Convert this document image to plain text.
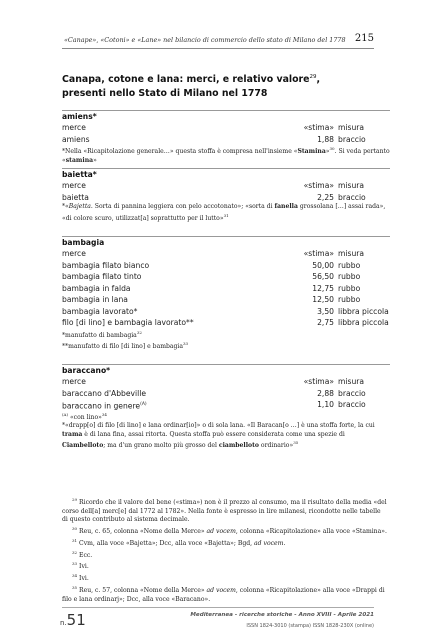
«Canape», «Cotoni» e «Lane» nel bilancio di commercio dello stato di Milano del 1778 215
Canapa, cotone e lana: merci, e relativo valore$^{29}$, presenti nello Stato di Milano nel 1778
amiens*
merce	«stima» misura
amiens	1,88 braccio
*Nella «Ricapitolazione generale…» questa stoffa è compresa nell'insieme «Stamina»$^{30}$. Si veda pertanto «stamina»
baietta*
merce	«stima» misura
baietta	2,25 braccio
*«Bajetta. Sorta di pannina leggiera con pelo accotonato»; «sorta di fanella grossolana […] assai rada», «di colore scuro, utilizzat[a] soprattutto per il lutto»$^{31}$
bambagia
merce	«stima» misura
bambagia filato bianco	50,00 rubbo
bambagia filato tinto	56,50 rubbo
bambagia in falda	12,75 rubbo
bambagia in lana	12,50 rubbo
bambagia lavorato*	3,50 libbra piccola
filo [di lino] e bambagia lavorato**	2,75 libbra piccola
*manufatto di bambagia$^{32}$
**manufatto di filo [di lino] e bambagia$^{33}$
baraccano*
merce	«stima» misura
baraccano d'Abbeville	2,88 braccio
baraccano in genere$^{(A)}$	1,10 braccio
$^{(A)}$ «con lino»$^{34}$
*«drapp[o] di filo [di lino] e lana ordinar[io]» o di sola lana. «Il Baracan[o …] è una stoffa forte, la cui trama è di lana fina, assai ritorta. Questa stoffa può essere considerata come una spezie di Ciambelloto; ma d'un grano molto più grosso del ciambelloto ordinario»$^{35}$

$^{29}$ Ricordo che il valore del bene («stima») non è il prezzo al consumo, ma il risultato della media «del corso dell[a] merc[e] dal 1772 al 1782». Nella fonte è espresso in lire milanesi, ricondotte nelle tabelle di questo contributo al sistema decimale.

$^{30}$ Reu, c. 65, colonna «Nome della Merce» ad vocem, colonna «Ricapitolazione» alla voce «Stamina».

$^{31}$ Cvm, alla voce «Bajetta»; Dcc, alla voce «Bajetta»; Bgd, ad vocem.

$^{32}$ Ecc.

$^{33}$ Ivi.

$^{34}$ Ivi.

$^{35}$ Reu, c. 57, colonna «Nome della Merce» ad vocem, colonna «Ricapitolazione» alla voce «Drappi di filo e lana ordinarj»; Dcc, alla voce «Baracano».

n.51	Mediterranea - ricerche storiche - Anno XVIII - Aprile 2021
ISSN 1824-3010 (stampa) ISSN 1828-230X (online)
